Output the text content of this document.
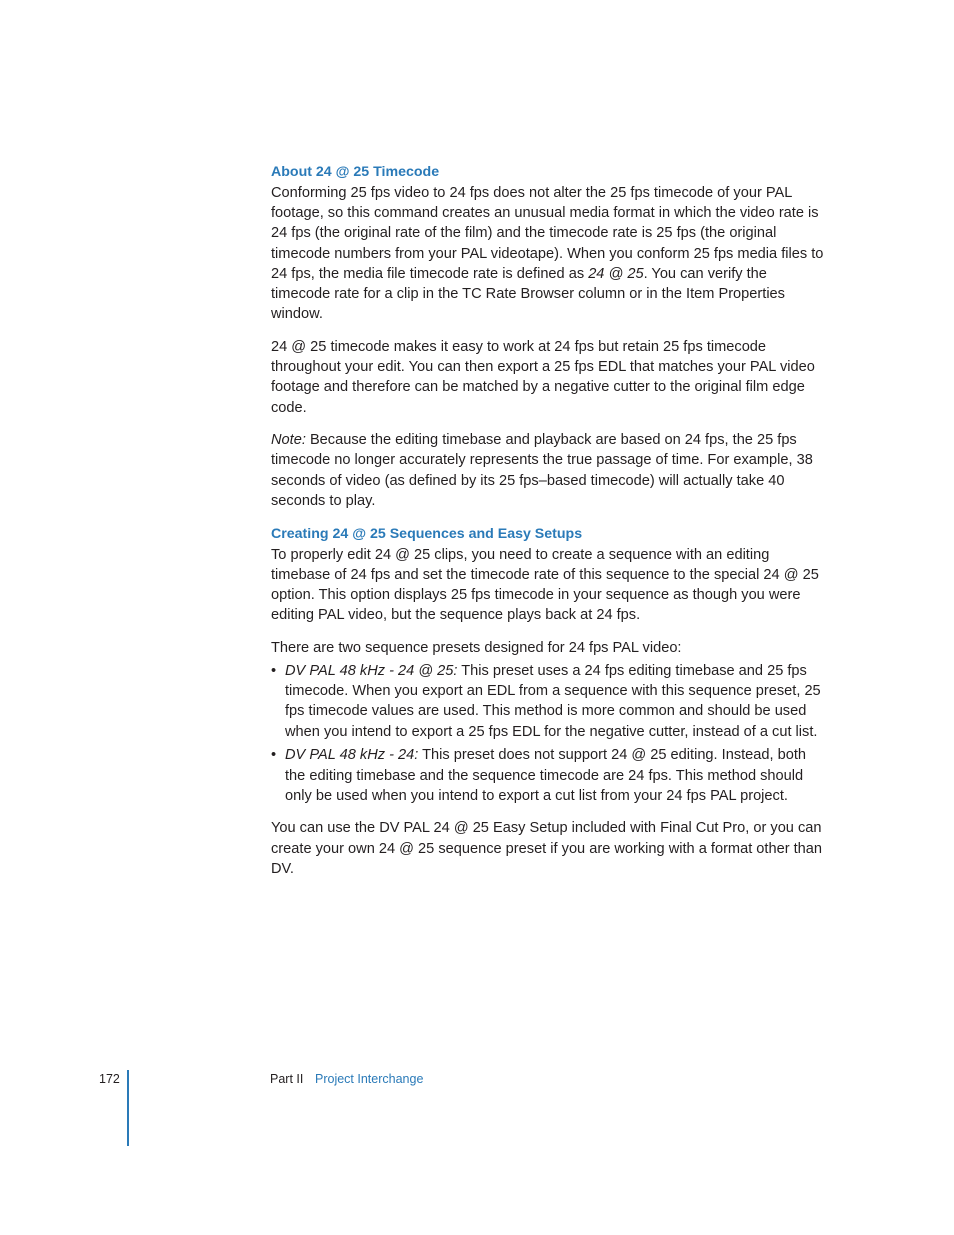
About 24 @ 25 Timecode

Conforming 25 fps video to 24 fps does not alter the 25 fps timecode of your PAL footage, so this command creates an unusual media format in which the video rate is 24 fps (the original rate of the film) and the timecode rate is 25 fps (the original timecode numbers from your PAL videotape). When you conform 25 fps media files to 24 fps, the media file timecode rate is defined as 24 @ 25. You can verify the timecode rate for a clip in the TC Rate Browser column or in the Item Properties window.

24 @ 25 timecode makes it easy to work at 24 fps but retain 25 fps timecode throughout your edit. You can then export a 25 fps EDL that matches your PAL video footage and therefore can be matched by a negative cutter to the original film edge code.

Note: Because the editing timebase and playback are based on 24 fps, the 25 fps timecode no longer accurately represents the true passage of time. For example, 38 seconds of video (as defined by its 25 fps–based timecode) will actually take 40 seconds to play.

Creating 24 @ 25 Sequences and Easy Setups

To properly edit 24 @ 25 clips, you need to create a sequence with an editing timebase of 24 fps and set the timecode rate of this sequence to the special 24 @ 25 option. This option displays 25 fps timecode in your sequence as though you were editing PAL video, but the sequence plays back at 24 fps.

There are two sequence presets designed for 24 fps PAL video:

• DV PAL 48 kHz - 24 @ 25: This preset uses a 24 fps editing timebase and 25 fps timecode. When you export an EDL from a sequence with this sequence preset, 25 fps timecode values are used. This method is more common and should be used when you intend to export a 25 fps EDL for the negative cutter, instead of a cut list.
• DV PAL 48 kHz - 24: This preset does not support 24 @ 25 editing. Instead, both the editing timebase and the sequence timecode are 24 fps. This method should only be used when you intend to export a cut list from your 24 fps PAL project.

You can use the DV PAL 24 @ 25 Easy Setup included with Final Cut Pro, or you can create your own 24 @ 25 sequence preset if you are working with a format other than DV.

172	Part II Project Interchange
